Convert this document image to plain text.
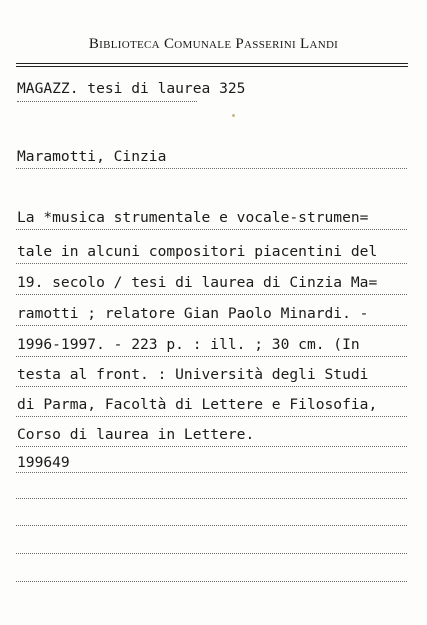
Biblioteca Comunale Passerini Landi
MAGAZZ. tesi di laurea 325
Maramotti, Cinzia
La *musica strumentale e vocale-strumen=
tale in alcuni compositori piacentini del
19. secolo / tesi di laurea di Cinzia Ma=
ramotti ; relatore Gian Paolo Minardi. -
1996-1997. - 223 p. : ill. ; 30 cm. (In
testa al front. : Università degli Studi
di Parma, Facoltà di Lettere e Filosofia,
Corso di laurea in Lettere.
199649
